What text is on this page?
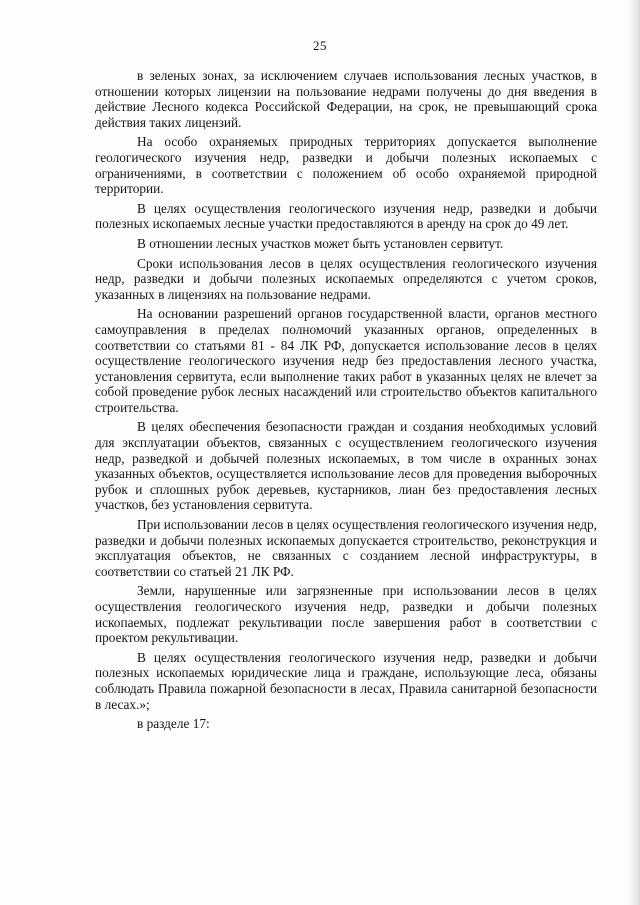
25

в зеленых зонах, за исключением случаев использования лесных участков, в отношении которых лицензии на пользование недрами получены до дня введения в действие Лесного кодекса Российской Федерации, на срок, не превышающий срока действия таких лицензий.

На особо охраняемых природных территориях допускается выполнение геологического изучения недр, разведки и добычи полезных ископаемых с ограничениями, в соответствии с положением об особо охраняемой природной территории.

В целях осуществления геологического изучения недр, разведки и добычи полезных ископаемых лесные участки предоставляются в аренду на срок до 49 лет.

В отношении лесных участков может быть установлен сервитут.

Сроки использования лесов в целях осуществления геологического изучения недр, разведки и добычи полезных ископаемых определяются с учетом сроков, указанных в лицензиях на пользование недрами.

На основании разрешений органов государственной власти, органов местного самоуправления в пределах полномочий указанных органов, определенных в соответствии со статьями 81 - 84 ЛК РФ, допускается использование лесов в целях осуществление геологического изучения недр без предоставления лесного участка, установления сервитута, если выполнение таких работ в указанных целях не влечет за собой проведение рубок лесных насаждений или строительство объектов капитального строительства.

В целях обеспечения безопасности граждан и создания необходимых условий для эксплуатации объектов, связанных с осуществлением геологического изучения недр, разведкой и добычей полезных ископаемых, в том числе в охранных зонах указанных объектов, осуществляется использование лесов для проведения выборочных рубок и сплошных рубок деревьев, кустарников, лиан без предоставления лесных участков, без установления сервитута.

При использовании лесов в целях осуществления геологического изучения недр, разведки и добычи полезных ископаемых допускается строительство, реконструкция и эксплуатация объектов, не связанных с созданием лесной инфраструктуры, в соответствии со статьей 21 ЛК РФ.

Земли, нарушенные или загрязненные при использовании лесов в целях осуществления геологического изучения недр, разведки и добычи полезных ископаемых, подлежат рекультивации после завершения работ в соответствии с проектом рекультивации.

В целях осуществления геологического изучения недр, разведки и добычи полезных ископаемых юридические лица и граждане, использующие леса, обязаны соблюдать Правила пожарной безопасности в лесах, Правила санитарной безопасности в лесах.»;

в разделе 17:
